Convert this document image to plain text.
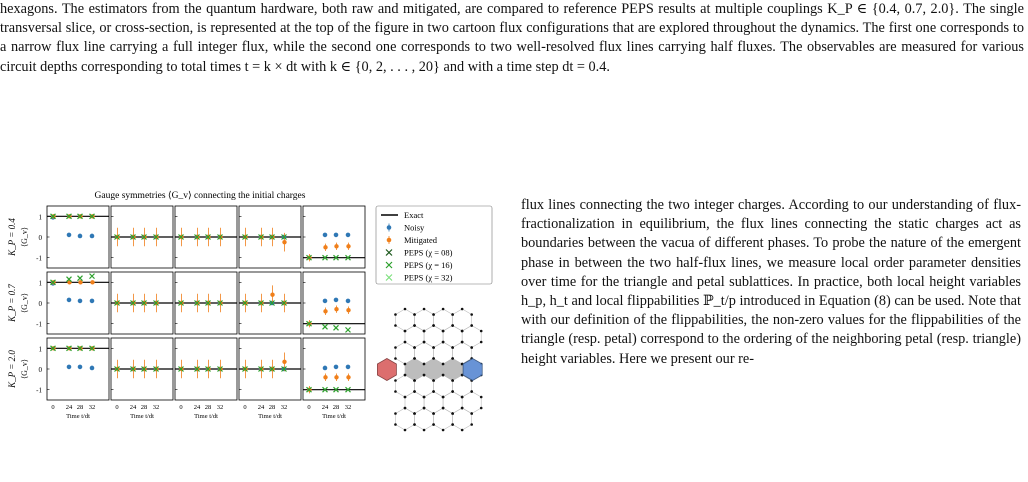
hexagons. The estimators from the quantum hardware, both raw and mitigated, are compared to reference PEPS results at multiple couplings K_P ∈ {0.4, 0.7, 2.0}. The single transversal slice, or cross-section, is represented at the top of the figure in two cartoon flux configurations that are explored throughout the dynamics. The first one corresponds to a narrow flux line carrying a full integer flux, while the second one corresponds to two well-resolved flux lines carrying half fluxes. The observables are measured for various circuit depths corresponding to total times t = k × dt with k ∈ {0, 2, . . . , 20} and with a time step dt = 0.4.

Gauge symmetries ⟨G_v⟩ connecting the initial charges
K_P = 0.4 ⟨G_v⟩
1
0
-1
K_P = 0.7 ⟨G_v⟩
1
0
-1
K_P = 2.0 ⟨G_v⟩
1
0
-1
0 24 28 32
Time t/dt
0 24 28 32
Time t/dt
0 24 28 32
Time t/dt
0 24 28 32
Time t/dt
0 24 28 32
Time t/dt
Exact
Noisy
Mitigated
PEPS (χ = 08)
PEPS (χ = 16)
PEPS (χ = 32)

flux lines connecting the two integer charges. According to our understanding of flux-fractionalization in equilibrium, the flux lines connecting the static charges act as boundaries between the vacua of different phases. To probe the nature of the emergent phase in between the two half-flux lines, we measure local order parameter densities over time for the triangle and petal sublattices. In practice, both local height variables h_p, h_t and local flippabilities ℙ_t/p introduced in Equation (8) can be used. Note that with our definition of the flippabilities, the non-zero values for the flippabilities of the triangle (resp. petal) correspond to the ordering of the neighboring petal (resp. triangle) height variables. Here we present our re-
